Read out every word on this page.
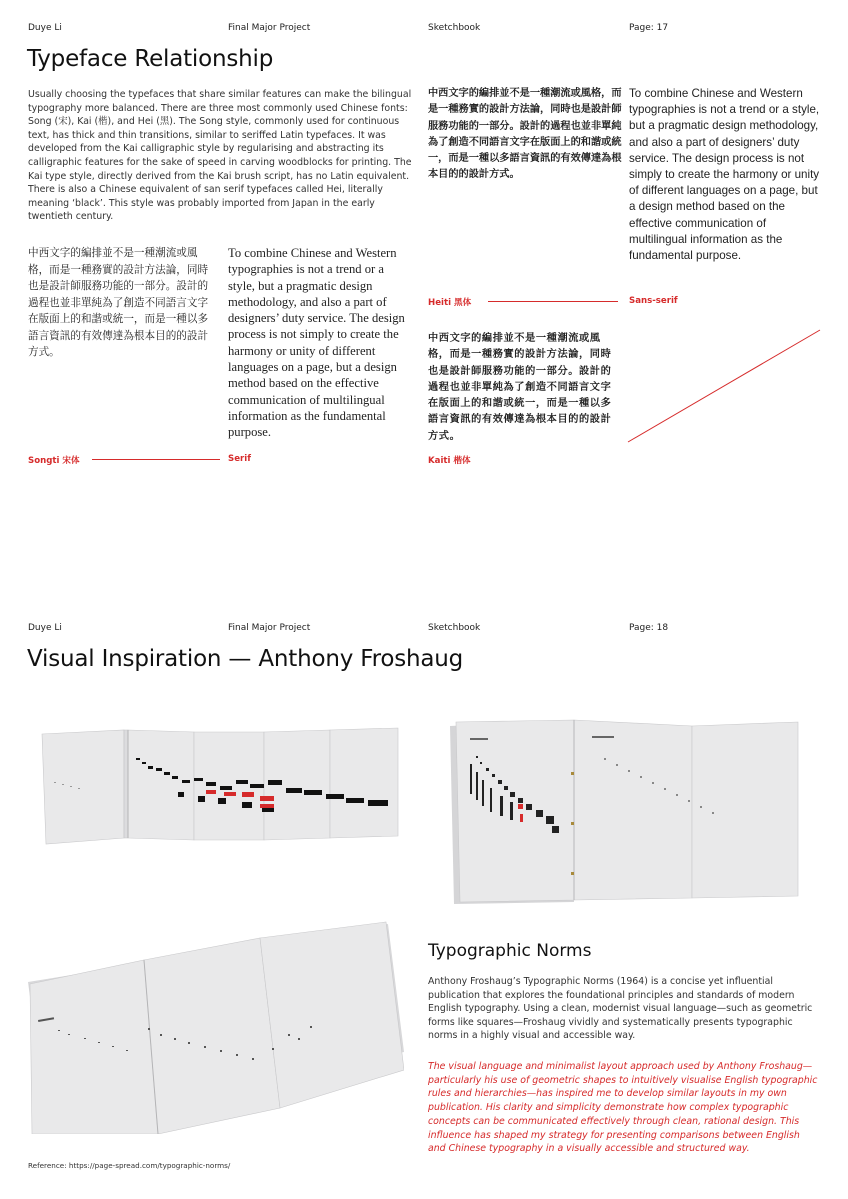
Duye Li	Final Major Project	Sketchbook	Page: 17
Typeface Relationship
Usually choosing the typefaces that share similar features can make the bilingual typography more balanced. There are three most commonly used Chinese fonts: Song (宋), Kai (楷), and Hei (黑). The Song style, commonly used for continuous text, has thick and thin transitions, similar to seriffed Latin typefaces. It was developed from the Kai calligraphic style by regularising and abstracting its calligraphic features for the sake of speed in carving woodblocks for printing. The Kai type style, directly derived from the Kai brush script, has no Latin equivalent. There is also a Chinese equivalent of san serif typefaces called Hei, literally meaning ‘black’. This style was probably imported from Japan in the early twentieth century.
中西文字的編排並不是一種潮流或風格，而是一種務實的設計方法論，同時也是設計師服務功能的一部分。設計的過程也並非單純為了創造不同語言文字在版面上的和諧或統一，而是一種以多語言資訊的有效傳達為根本目的的設計方式。
To combine Chinese and Western typographies is not a trend or a style, but a pragmatic design methodology, and also a part of designers’ duty service. The design process is not simply to create the harmony or unity of different languages on a page, but a design method based on the effective communication of multilingual information as the fundamental purpose.
Songti 宋体	Serif
中西文字的編排並不是一種潮流或風格，而是一種務實的設計方法論，同時也是設計師服務功能的一部分。設計的過程也並非單純為了創造不同語言文字在版面上的和諧或統一，而是一種以多語言資訊的有效傳達為根本目的的設計方式。
To combine Chinese and Western typographies is not a trend or a style, but a pragmatic design methodology, and also a part of designers’ duty service. The design process is not simply to create the harmony or unity of different languages on a page, but a design method based on the effective communication of multilingual information as the fundamental purpose.
Heiti 黑体	Sans-serif
中西文字的編排並不是一種潮流或風格，而是一種務實的設計方法論，同時也是設計師服務功能的一部分。設計的過程也並非單純為了創造不同語言文字在版面上的和諧或統一，而是一種以多語言資訊的有效傳達為根本目的的設計方式。
Kaiti 楷体
Duye Li	Final Major Project	Sketchbook	Page: 18
Visual Inspiration — Anthony Froshaug
Reference: https://page-spread.com/typographic-norms/
Typographic Norms
Anthony Froshaug’s Typographic Norms (1964) is a concise yet influential publication that explores the foundational principles and standards of modern English typography. Using a clean, modernist visual language—such as geometric forms like squares—Froshaug vividly and systematically presents typographic norms in a highly visual and accessible way.
The visual language and minimalist layout approach used by Anthony Froshaug—particularly his use of geometric shapes to intuitively visualise English typographic rules and hierarchies—has inspired me to develop similar layouts in my own publication. His clarity and simplicity demonstrate how complex typographic concepts can be communicated effectively through clean, rational design. This influence has shaped my strategy for presenting comparisons between English and Chinese typography in a visually accessible and structured way.
